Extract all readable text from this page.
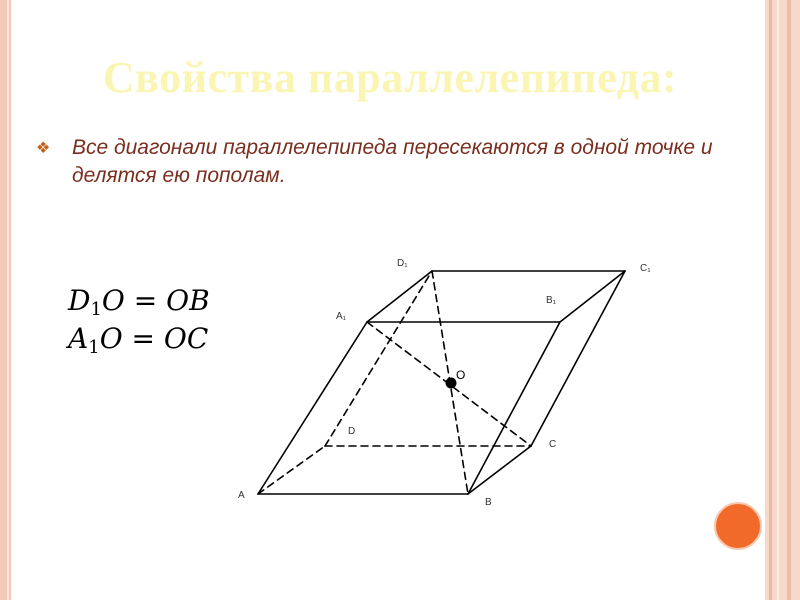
Свойства параллелепипеда:
❖ Все диагонали параллелепипеда пересекаются в одной точке и делятся ею пополам.
$D_1O$ = OB
$A_1O$ = OC
A
B
C
D
A₁
B₁
C₁
D₁
O
